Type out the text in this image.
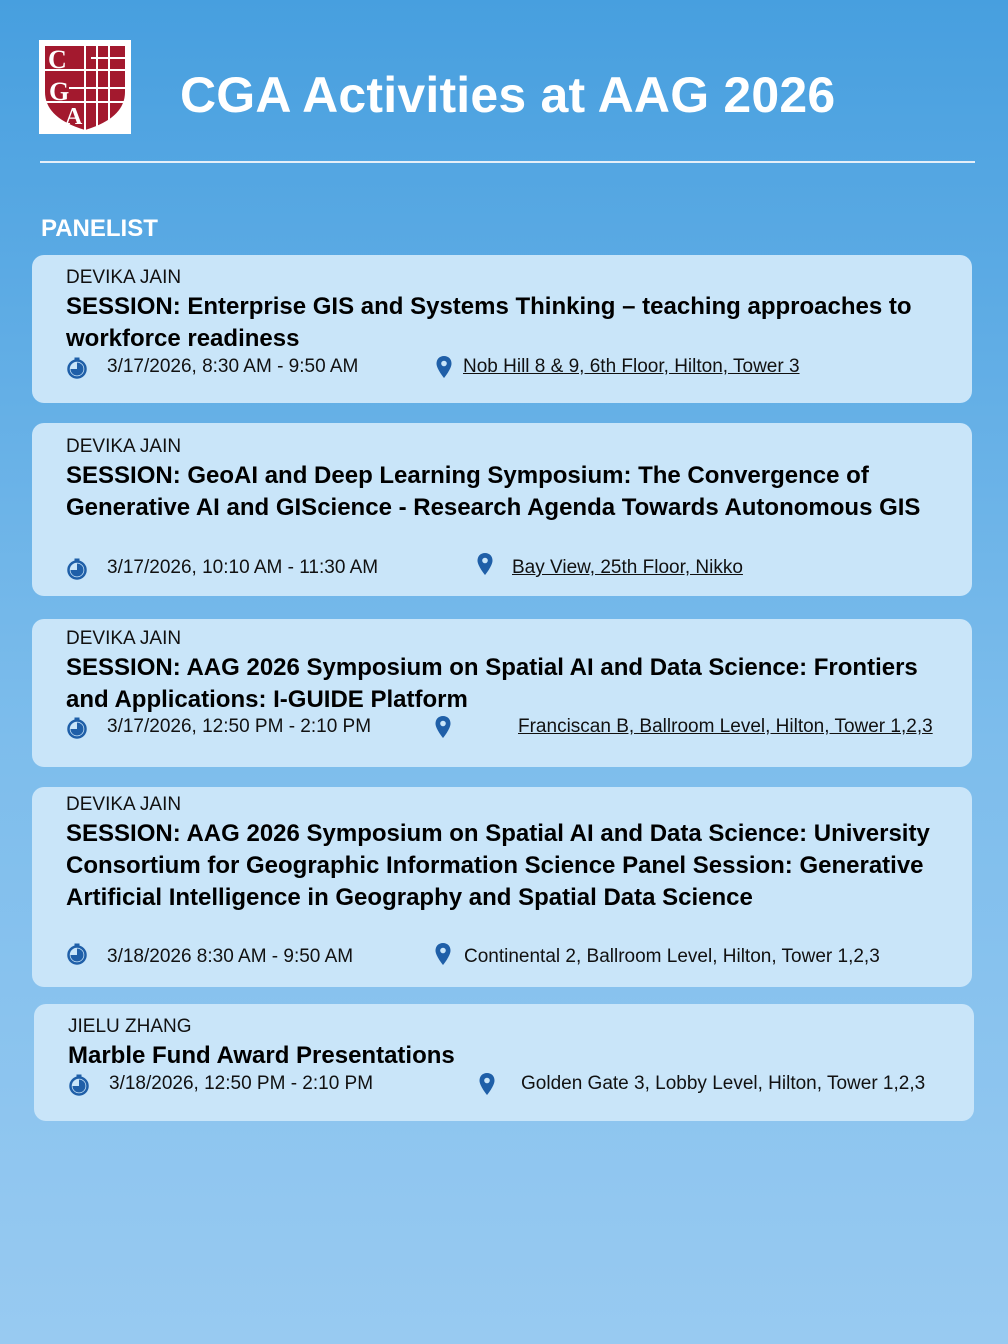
C
G
A CGA Activities at AAG 2026
PANELIST
DEVIKA JAIN

SESSION: Enterprise GIS and Systems Thinking – teaching approaches to workforce readiness

3/17/2026, 8:30 AM - 9:50 AM	Nob Hill 8 & 9, 6th Floor, Hilton, Tower 3
DEVIKA JAIN

SESSION: GeoAI and Deep Learning Symposium: The Convergence of Generative AI and GIScience - Research Agenda Towards Autonomous GIS

3/17/2026, 10:10 AM - 11:30 AM	Bay View, 25th Floor, Nikko
DEVIKA JAIN

SESSION: AAG 2026 Symposium on Spatial AI and Data Science: Frontiers and Applications: I-GUIDE Platform

3/17/2026, 12:50 PM - 2:10 PM	Franciscan B, Ballroom Level, Hilton, Tower 1,2,3
DEVIKA JAIN

SESSION: AAG 2026 Symposium on Spatial AI and Data Science: University Consortium for Geographic Information Science Panel Session: Generative Artificial Intelligence in Geography and Spatial Data Science

3/18/2026 8:30 AM - 9:50 AM	Continental 2, Ballroom Level, Hilton, Tower 1,2,3
JIELU ZHANG

Marble Fund Award Presentations

3/18/2026, 12:50 PM - 2:10 PM	Golden Gate 3, Lobby Level, Hilton, Tower 1,2,3
